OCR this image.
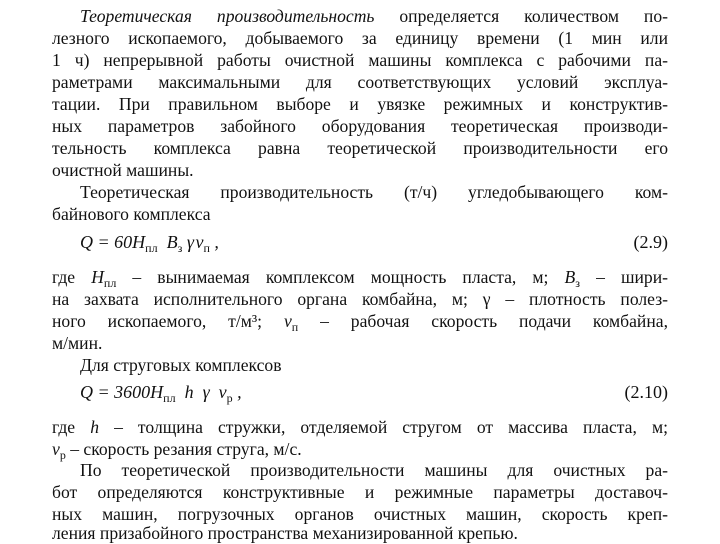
Теоретическая производительность определяется количеством по-
лезного ископаемого, добываемого за единицу времени (1 мин или
1 ч) непрерывной работы очистной машины комплекса с рабочими па-
раметрами максимальными для соответствующих условий эксплуа-
тации. При правильном выборе и увязке режимных и конструктив-
ных параметров забойного оборудования теоретическая производи-
тельность комплекса равна теоретической производительности его
очистной машины.
Теоретическая производительность (т/ч) угледобывающего ком-
байнового комплекса
$Q = 60H_{пл}$ $B_з$ γ $v_п$ ,	(2.9)
где $H_{пл}$ – вынимаемая комплексом мощность пласта, м; $B_з$ – шири-
на захвата исполнительного органа комбайна, м; γ – плотность полез-
ного ископаемого, т/м³; $v_п$ – рабочая скорость подачи комбайна,
м/мин.
Для струговых комплексов
$Q = 3600H_{пл}$ h γ $v_р$ ,	(2.10)
где h – толщина стружки, отделяемой стругом от массива пласта, м;
$v_р$ – скорость резания струга, м/с.
По теоретической производительности машины для очистных ра-
бот определяются конструктивные и режимные параметры доставоч-
ных машин, погрузочных органов очистных машин, скорость креп-
ления призабойного пространства механизированной крепью.
